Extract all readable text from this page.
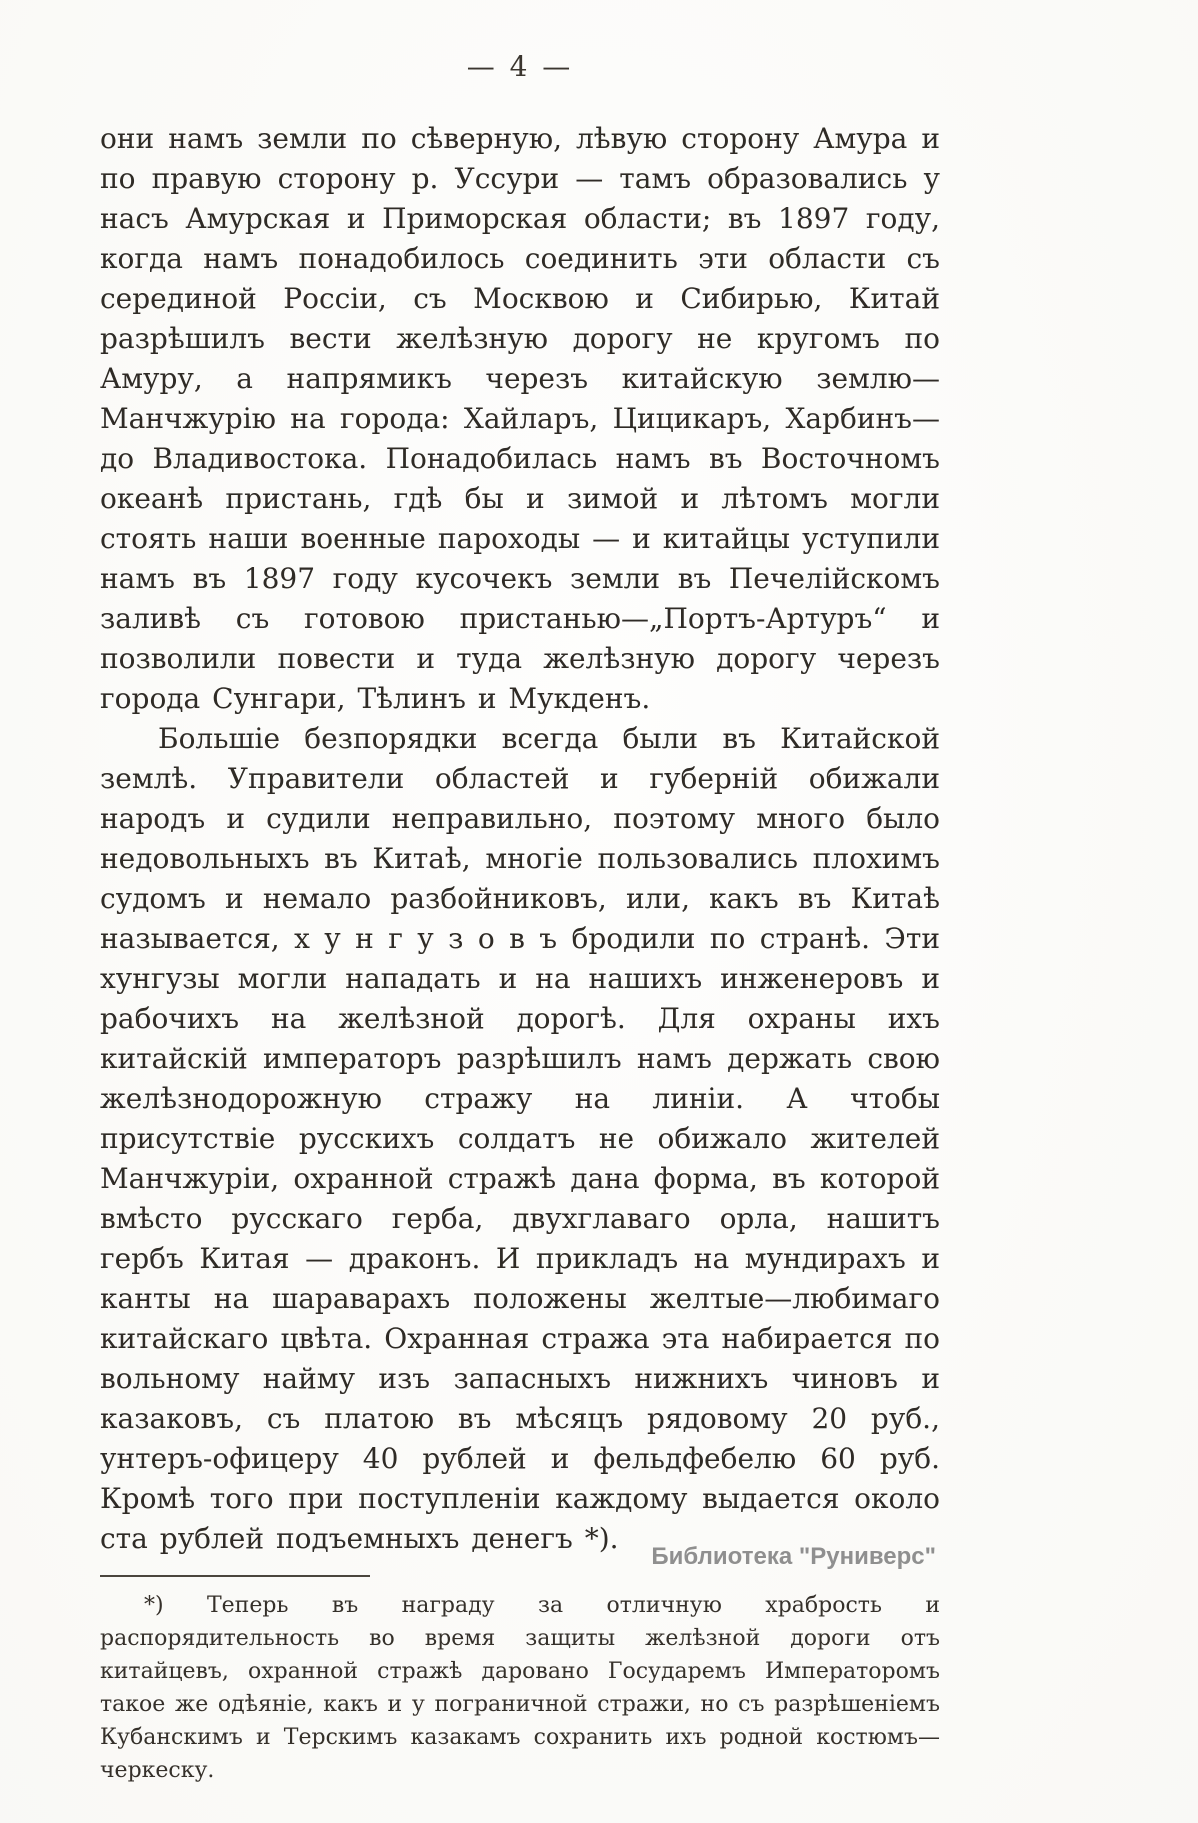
— 4 —

они намъ земли по сѣверную, лѣвую сторону Амура и по правую сторону р. Уссури — тамъ образовались у насъ Амурская и Приморская области; въ 1897 году, когда намъ понадобилось соединить эти области съ серединой Россіи, съ Москвою и Сибирью, Китай разрѣшилъ вести желѣзную дорогу не кругомъ по Амуру, а напрямикъ черезъ китайскую землю—Манчжурію на города: Хайларъ, Цицикаръ, Харбинъ—до Владивостока. Понадобилась намъ въ Восточномъ океанѣ пристань, гдѣ бы и зимой и лѣтомъ могли стоять наши военные пароходы — и китайцы уступили намъ въ 1897 году кусочекъ земли въ Печелійскомъ заливѣ съ готовою пристанью—„Портъ-Артуръ“ и позволили повести и туда желѣзную дорогу черезъ города Сунгари, Тѣлинъ и Мукденъ.

Большіе безпорядки всегда были въ Китайской землѣ. Управители областей и губерній обижали народъ и судили неправильно, поэтому много было недовольныхъ въ Китаѣ, многіе пользовались плохимъ судомъ и немало разбойниковъ, или, какъ въ Китаѣ называется, х у н г у з о в ъ бродили по странѣ. Эти хунгузы могли нападать и на нашихъ инженеровъ и рабочихъ на желѣзной дорогѣ. Для охраны ихъ китайскій императоръ разрѣшилъ намъ держать свою желѣзнодорожную стражу на линіи. А чтобы присутствіе русскихъ солдатъ не обижало жителей Манчжуріи, охранной стражѣ дана форма, въ которой вмѣсто русскаго герба, двухглаваго орла, нашитъ гербъ Китая — драконъ. И прикладъ на мундирахъ и канты на шараварахъ положены желтые—любимаго китайскаго цвѣта. Охранная стража эта набирается по вольному найму изъ запасныхъ нижнихъ чиновъ и казаковъ, съ платою въ мѣсяцъ рядовому 20 руб., унтеръ-офицеру 40 рублей и фельдфебелю 60 руб. Кромѣ того при поступленіи каждому выдается около ста рублей подъемныхъ денегъ *).

*) Теперь въ награду за отличную храбрость и распорядительность во время защиты желѣзной дороги отъ китайцевъ, охранной стражѣ даровано Государемъ Императоромъ такое же одѣяніе, какъ и у пограничной стражи, но съ разрѣшеніемъ Кубанскимъ и Терскимъ казакамъ сохранить ихъ родной костюмъ—черкеску.

Библиотека "Руниверс"
